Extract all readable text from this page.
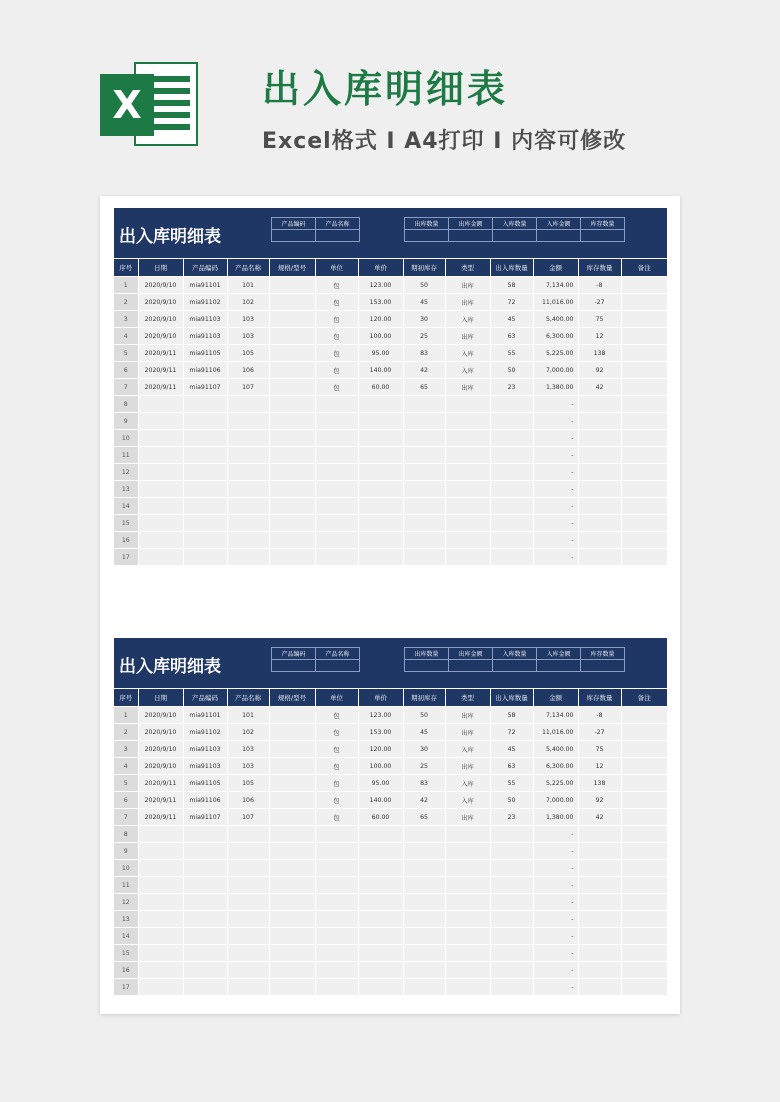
X	出入库明细表
Excel格式 Ⅰ A4打印 Ⅰ 内容可修改
出入库明细表
产品编码	产品名称
		出库数量	出库金额	入库数量	入库金额	库存数量

序号	日期	产品编码	产品名称	规格/型号	单位	单价	期初库存	类型	出入库数量	金额	库存数量	备注
1	2020/9/10	mia91101	101		包	123.00	50	出库	58	7,134.00	-8	
2	2020/9/10	mia91102	102		包	153.00	45	出库	72	11,016.00	-27	
3	2020/9/10	mia91103	103		包	120.00	30	入库	45	5,400.00	75	
4	2020/9/10	mia91103	103		包	100.00	25	出库	63	6,300.00	12	
5	2020/9/11	mia91105	105		包	95.00	83	入库	55	5,225.00	138	
6	2020/9/11	mia91106	106		包	140.00	42	入库	50	7,000.00	92	
7	2020/9/11	mia91107	107		包	60.00	65	出库	23	1,380.00	42	
8										-		
9										-		
10										-		
11										-		
12										-		
13										-		
14										-		
15										-		
16										-		
17										-		
出入库明细表
产品编码	产品名称
		出库数量	出库金额	入库数量	入库金额	库存数量

序号	日期	产品编码	产品名称	规格/型号	单位	单价	期初库存	类型	出入库数量	金额	库存数量	备注
1	2020/9/10	mia91101	101		包	123.00	50	出库	58	7,134.00	-8	
2	2020/9/10	mia91102	102		包	153.00	45	出库	72	11,016.00	-27	
3	2020/9/10	mia91103	103		包	120.00	30	入库	45	5,400.00	75	
4	2020/9/10	mia91103	103		包	100.00	25	出库	63	6,300.00	12	
5	2020/9/11	mia91105	105		包	95.00	83	入库	55	5,225.00	138	
6	2020/9/11	mia91106	106		包	140.00	42	入库	50	7,000.00	92	
7	2020/9/11	mia91107	107		包	60.00	65	出库	23	1,380.00	42	
8										-		
9										-		
10										-		
11										-		
12										-		
13										-		
14										-		
15										-		
16										-		
17										-		
